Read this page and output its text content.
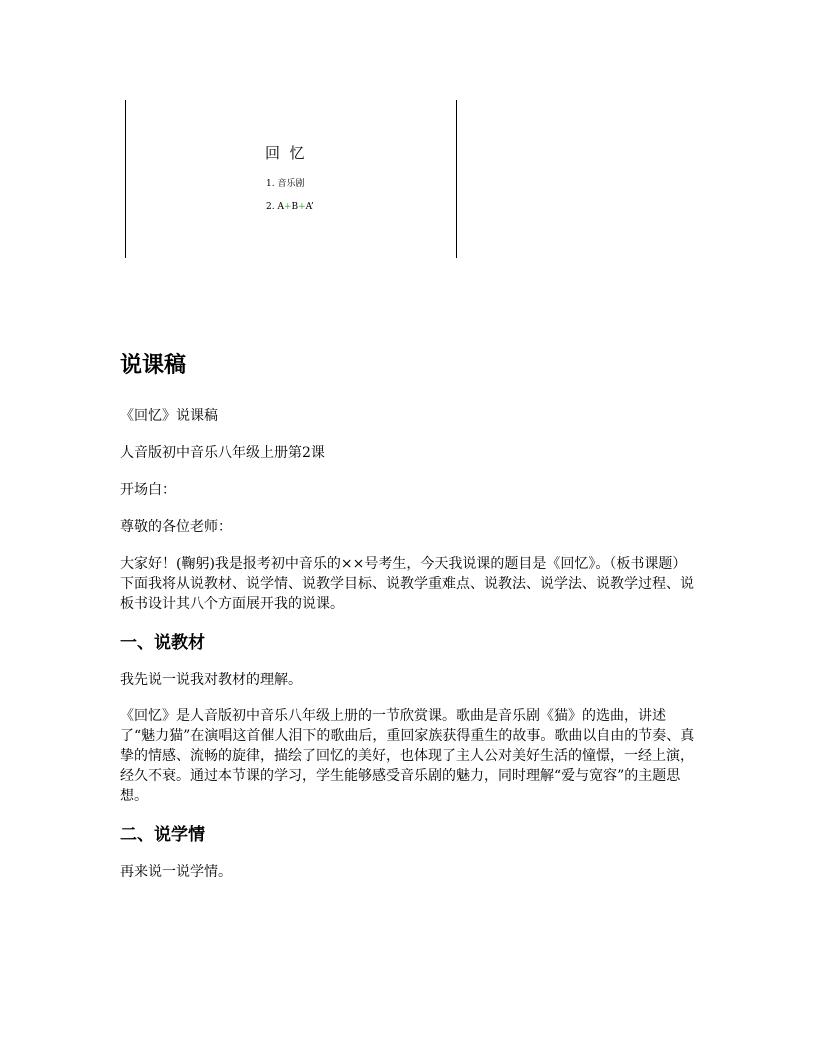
回  忆
1. 音乐剧
2. A+B+A’
说课稿

《回忆》说课稿

人音版初中音乐八年级上册第2课

开场白：

尊敬的各位老师：

大家好！(鞠躬)我是报考初中音乐的××号考生，今天我说课的题目是《回忆》。（板书课题）下面我将从说教材、说学情、说教学目标、说教学重难点、说教法、说学法、说教学过程、说板书设计其八个方面展开我的说课。

一、说教材

我先说一说我对教材的理解。

《回忆》是人音版初中音乐八年级上册的一节欣赏课。歌曲是音乐剧《猫》的选曲，讲述了“魅力猫”在演唱这首催人泪下的歌曲后，重回家族获得重生的故事。歌曲以自由的节奏、真挚的情感、流畅的旋律，描绘了回忆的美好，也体现了主人公对美好生活的憧憬，一经上演，经久不衰。通过本节课的学习，学生能够感受音乐剧的魅力，同时理解“爱与宽容”的主题思想。

二、说学情

再来说一说学情。
